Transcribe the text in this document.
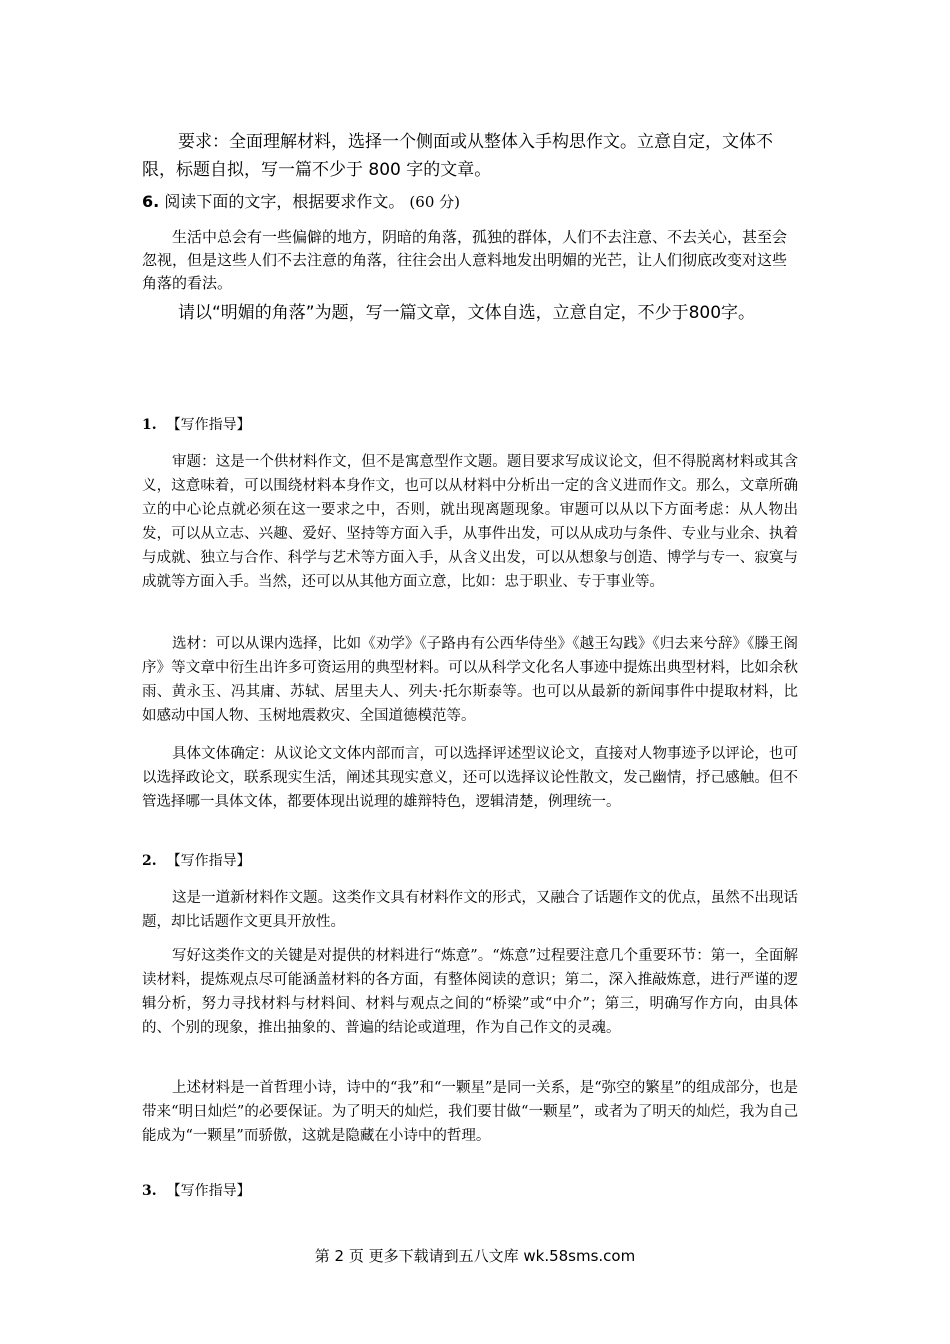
要求：全面理解材料，选择一个侧面或从整体入手构思作文。立意自定，文体不限，标题自拟，写一篇不少于 800 字的文章。

6. 阅读下面的文字，根据要求作文。 (60 分)

生活中总会有一些偏僻的地方，阴暗的角落，孤独的群体，人们不去注意、不去关心，甚至会忽视，但是这些人们不去注意的角落，往往会出人意料地发出明媚的光芒，让人们彻底改变对这些角落的看法。

请以“明媚的角落”为题，写一篇文章，文体自选，立意自定，不少于800字。

1. 【写作指导】

审题：这是一个供材料作文，但不是寓意型作文题。题目要求写成议论文，但不得脱离材料或其含义，这意味着，可以围绕材料本身作文，也可以从材料中分析出一定的含义进而作文。那么，文章所确立的中心论点就必须在这一要求之中，否则，就出现离题现象。审题可以从以下方面考虑：从人物出发，可以从立志、兴趣、爱好、坚持等方面入手，从事件出发，可以从成功与条件、专业与业余、执着与成就、独立与合作、科学与艺术等方面入手，从含义出发，可以从想象与创造、博学与专一、寂寞与成就等方面入手。当然，还可以从其他方面立意，比如：忠于职业、专于事业等。

选材：可以从课内选择，比如《劝学》《子路冉有公西华侍坐》《越王勾践》《归去来兮辞》《滕王阁序》等文章中衍生出许多可资运用的典型材料。可以从科学文化名人事迹中提炼出典型材料，比如余秋雨、黄永玉、冯其庸、苏轼、居里夫人、列夫·托尔斯泰等。也可以从最新的新闻事件中提取材料，比如感动中国人物、玉树地震救灾、全国道德模范等。

具体文体确定：从议论文文体内部而言，可以选择评述型议论文，直接对人物事迹予以评论，也可以选择政论文，联系现实生活，阐述其现实意义，还可以选择议论性散文，发己幽情，抒己感触。但不管选择哪一具体文体，都要体现出说理的雄辩特色，逻辑清楚，例理统一。

2. 【写作指导】

这是一道新材料作文题。这类作文具有材料作文的形式，又融合了话题作文的优点，虽然不出现话题，却比话题作文更具开放性。

写好这类作文的关键是对提供的材料进行“炼意”。“炼意”过程要注意几个重要环节：第一，全面解读材料，提炼观点尽可能涵盖材料的各方面，有整体阅读的意识；第二，深入推敲炼意，进行严谨的逻辑分析，努力寻找材料与材料间、材料与观点之间的“桥梁”或“中介”；第三，明确写作方向，由具体的、个别的现象，推出抽象的、普遍的结论或道理，作为自己作文的灵魂。

上述材料是一首哲理小诗，诗中的“我”和“一颗星”是同一关系，是“弥空的繁星”的组成部分，也是带来“明日灿烂”的必要保证。为了明天的灿烂，我们要甘做“一颗星”，或者为了明天的灿烂，我为自己能成为“一颗星”而骄傲，这就是隐藏在小诗中的哲理。

3. 【写作指导】

第 2 页 更多下载请到五八文库 wk.58sms.com
